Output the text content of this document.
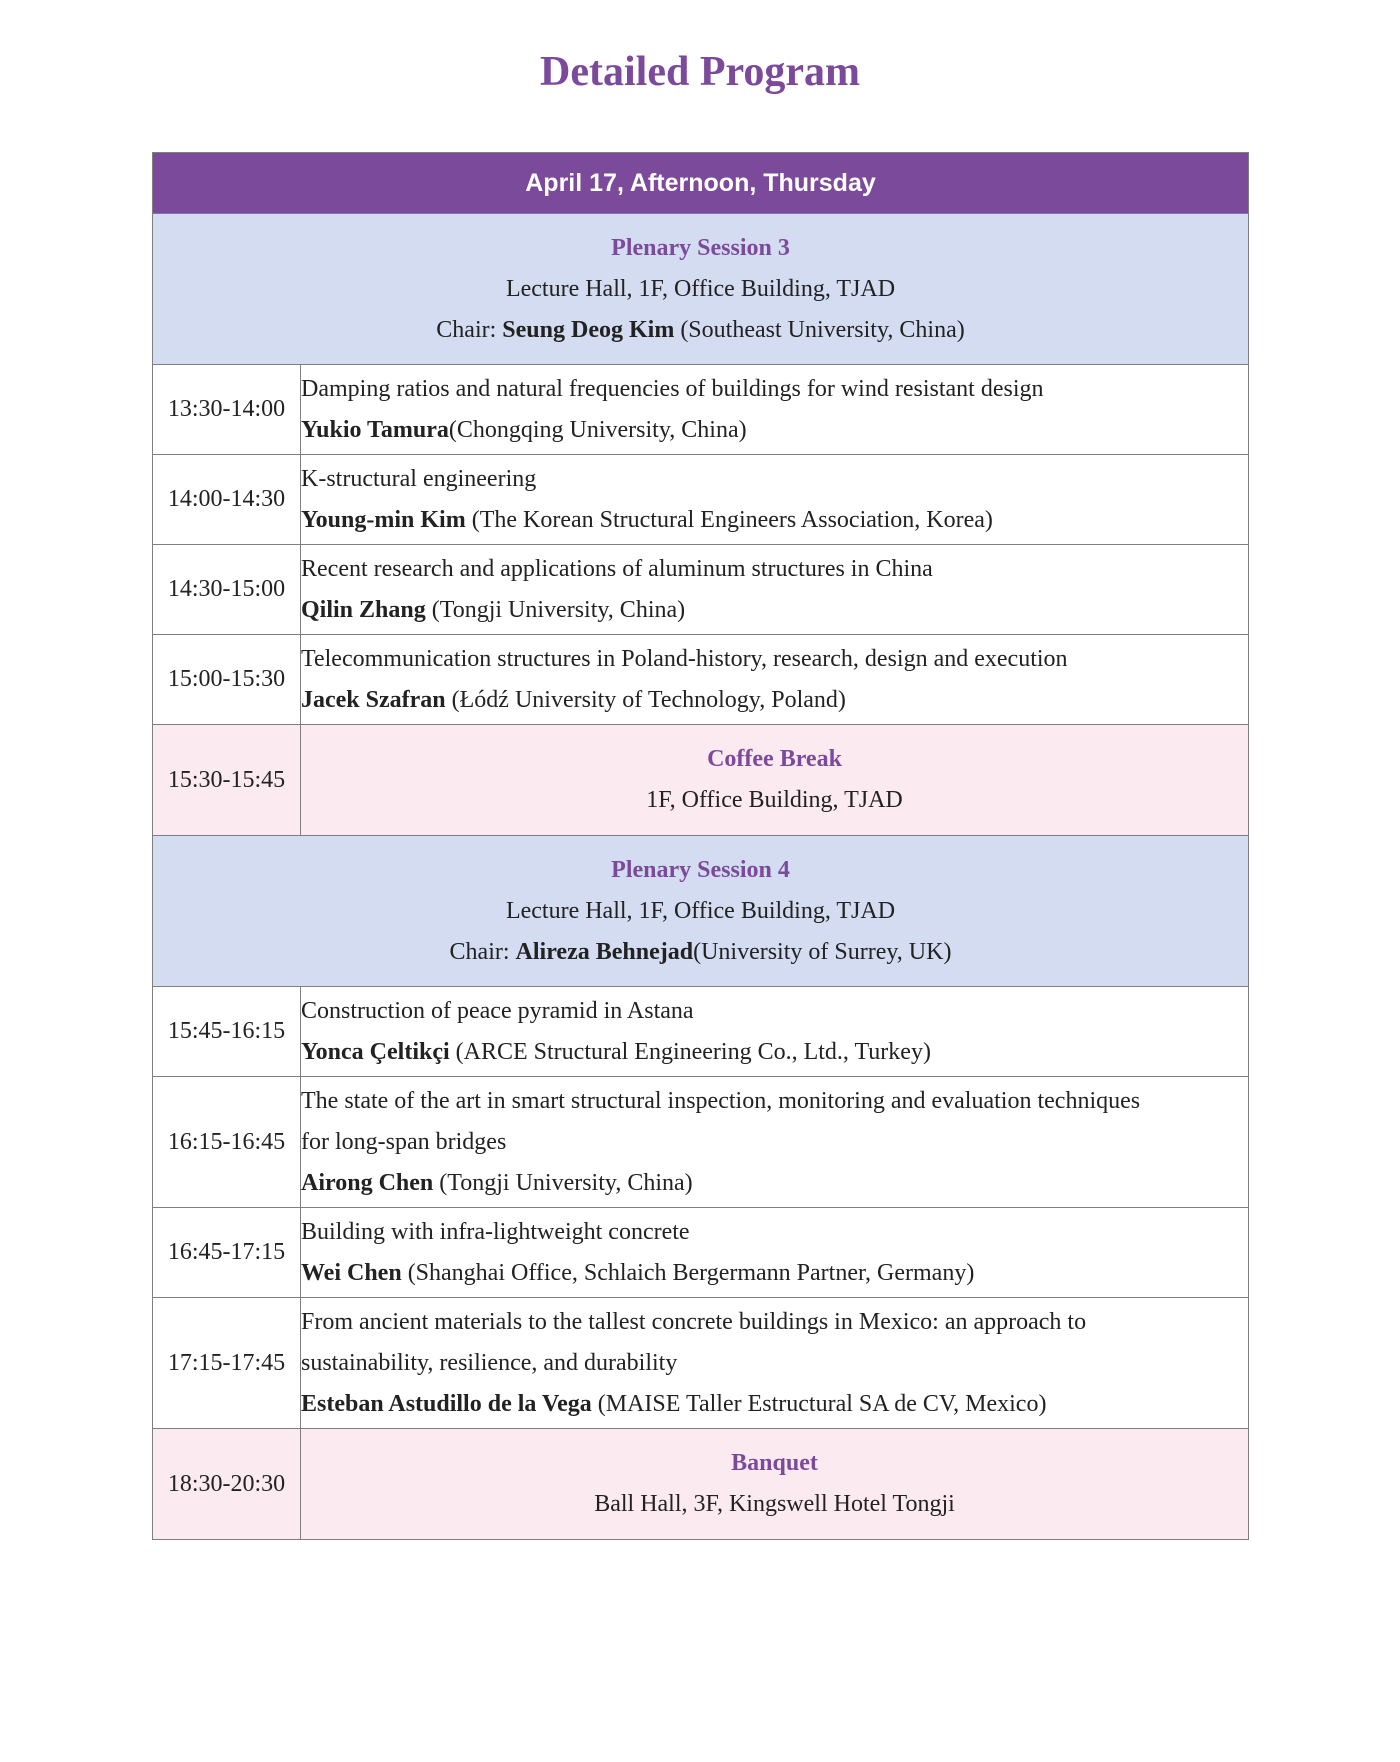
Detailed Program
April 17, Afternoon, Thursday	

Plenary Session 3
Lecture Hall, 1F, Office Building, TJAD
Chair: Seung Deog Kim (Southeast University, China)	

13:30-14:00	Damping ratios and natural frequencies of buildings for wind resistant design
Yukio Tamura(Chongqing University, China)

14:00-14:30	K-structural engineering
Young-min Kim (The Korean Structural Engineers Association, Korea)

14:30-15:00	Recent research and applications of aluminum structures in China
Qilin Zhang (Tongji University, China)

15:00-15:30	Telecommunication structures in Poland-history, research, design and execution
Jacek Szafran (Łódź University of Technology, Poland)

15:30-15:45	Coffee Break
1F, Office Building, TJAD

Plenary Session 4
Lecture Hall, 1F, Office Building, TJAD
Chair: Alireza Behnejad(University of Surrey, UK)	

15:45-16:15	Construction of peace pyramid in Astana
Yonca Çeltikçi (ARCE Structural Engineering Co., Ltd., Turkey)

16:15-16:45	The state of the art in smart structural inspection, monitoring and evaluation techniques
for long-span bridges
Airong Chen (Tongji University, China)

16:45-17:15	Building with infra-lightweight concrete
Wei Chen (Shanghai Office, Schlaich Bergermann Partner, Germany)

17:15-17:45	From ancient materials to the tallest concrete buildings in Mexico: an approach to
sustainability, resilience, and durability
Esteban Astudillo de la Vega (MAISE Taller Estructural SA de CV, Mexico)

18:30-20:30	Banquet
Ball Hall, 3F, Kingswell Hotel Tongji
